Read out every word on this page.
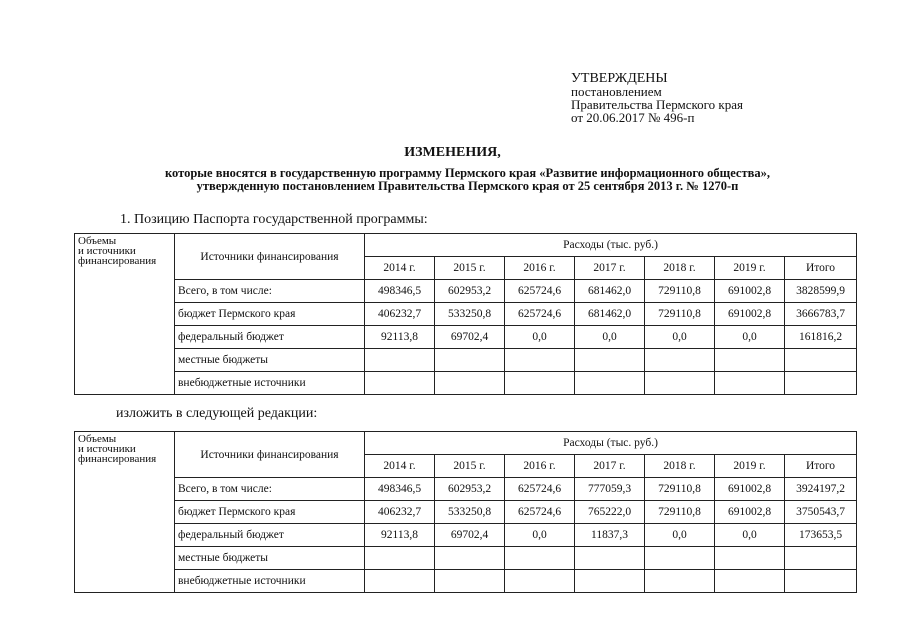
УТВЕРЖДЕНЫ
постановлением
Правительства Пермского края
от 20.06.2017 № 496-п
ИЗМЕНЕНИЯ,
которые вносятся в государственную программу Пермского края «Развитие информационного общества»,
утвержденную постановлением Правительства Пермского края от 25 сентября 2013 г. № 1270-п
1. Позицию Паспорта государственной программы:
Объемы
и источники
финансирования	Источники финансирования	Расходы (тыс. руб.)						
		2014 г.	2015 г.	2016 г.	2017 г.	2018 г.	2019 г.	Итого
	Всего, в том числе:	498346,5	602953,2	625724,6	681462,0	729110,8	691002,8	3828599,9
	бюджет Пермского края	406232,7	533250,8	625724,6	681462,0	729110,8	691002,8	3666783,7
	федеральный бюджет	92113,8	69702,4	0,0	0,0	0,0	0,0	161816,2
	местные бюджеты							
	внебюджетные источники							
изложить в следующей редакции:
Объемы
и источники
финансирования	Источники финансирования	Расходы (тыс. руб.)						
		2014 г.	2015 г.	2016 г.	2017 г.	2018 г.	2019 г.	Итого
	Всего, в том числе:	498346,5	602953,2	625724,6	777059,3	729110,8	691002,8	3924197,2
	бюджет Пермского края	406232,7	533250,8	625724,6	765222,0	729110,8	691002,8	3750543,7
	федеральный бюджет	92113,8	69702,4	0,0	11837,3	0,0	0,0	173653,5
	местные бюджеты							
	внебюджетные источники							
